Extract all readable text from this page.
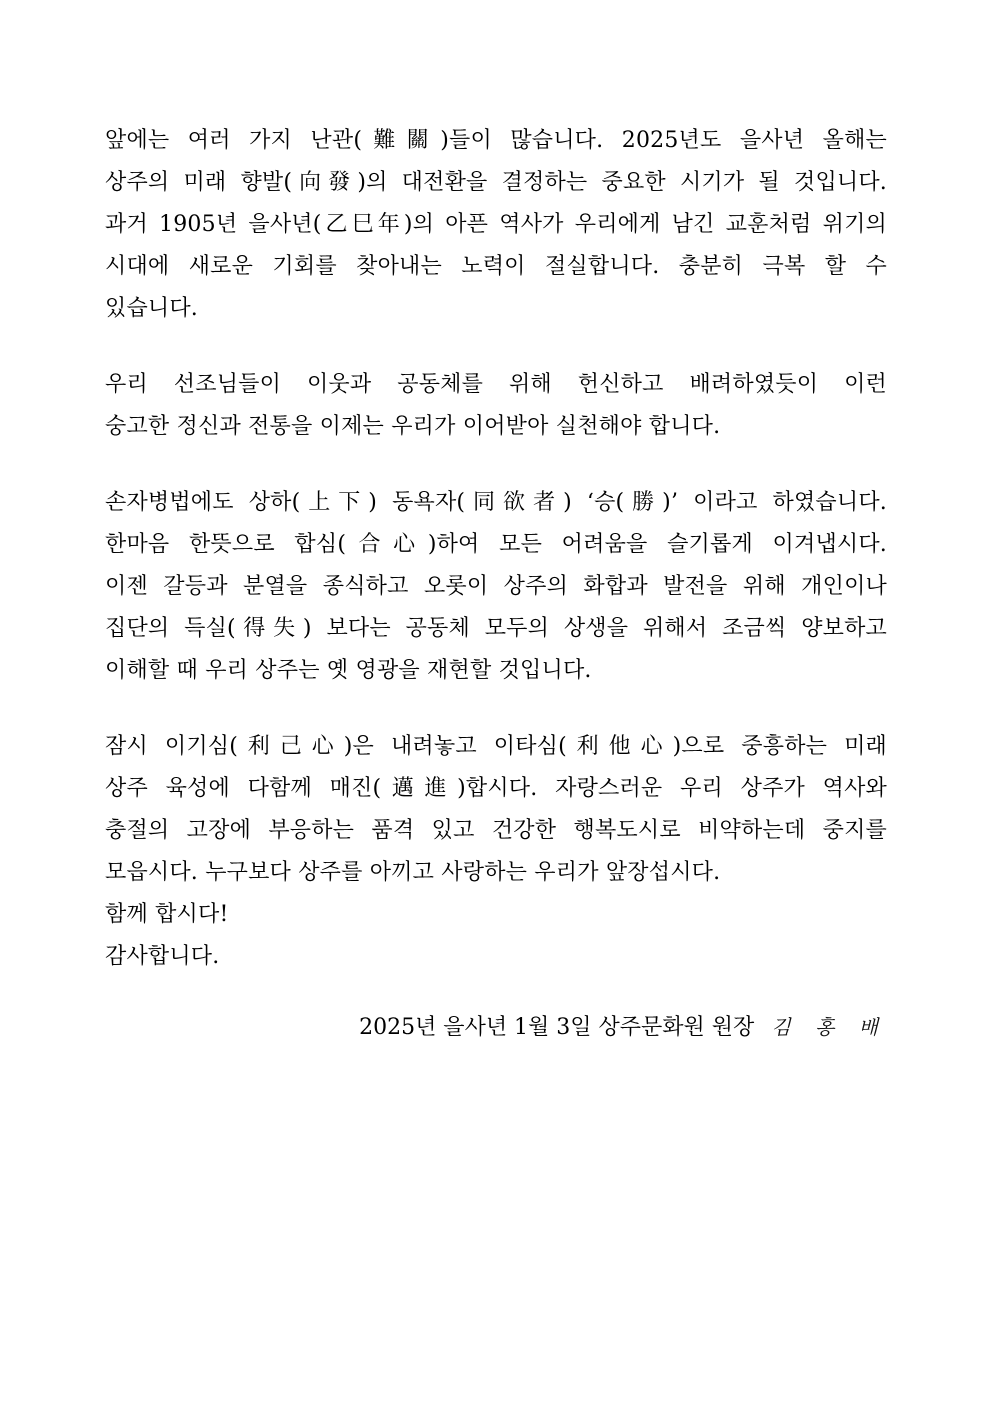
앞에는 여러 가지 난관(難關)들이 많습니다. 2025년도 을사년 올해는
상주의 미래 향발(向發)의 대전환을 결정하는 중요한 시기가 될 것입니다.
과거 1905년 을사년(乙巳年)의 아픈 역사가 우리에게 남긴 교훈처럼 위기의
시대에 새로운 기회를 찾아내는 노력이 절실합니다. 충분히 극복 할 수
있습니다.
우리 선조님들이 이웃과 공동체를 위해 헌신하고 배려하였듯이 이런
숭고한 정신과 전통을 이제는 우리가 이어받아 실천해야 합니다.
손자병법에도 상하(上下) 동욕자(同欲者) ‘승(勝)’ 이라고 하였습니다.
한마음 한뜻으로 합심(合心)하여 모든 어려움을 슬기롭게 이겨냅시다.
이젠 갈등과 분열을 종식하고 오롯이 상주의 화합과 발전을 위해 개인이나
집단의 득실(得失) 보다는 공동체 모두의 상생을 위해서 조금씩 양보하고
이해할 때 우리 상주는 옛 영광을 재현할 것입니다.
잠시 이기심(利己心)은 내려놓고 이타심(利他心)으로 중흥하는 미래
상주 육성에 다함께 매진(邁進)합시다. 자랑스러운 우리 상주가 역사와
충절의 고장에 부응하는 품격 있고 건강한 행복도시로 비약하는데 중지를
모읍시다. 누구보다 상주를 아끼고 사랑하는 우리가 앞장섭시다.
함께 합시다!
감사합니다.
2025년 을사년 1월 3일 상주문화원 원장 김 홍 배
